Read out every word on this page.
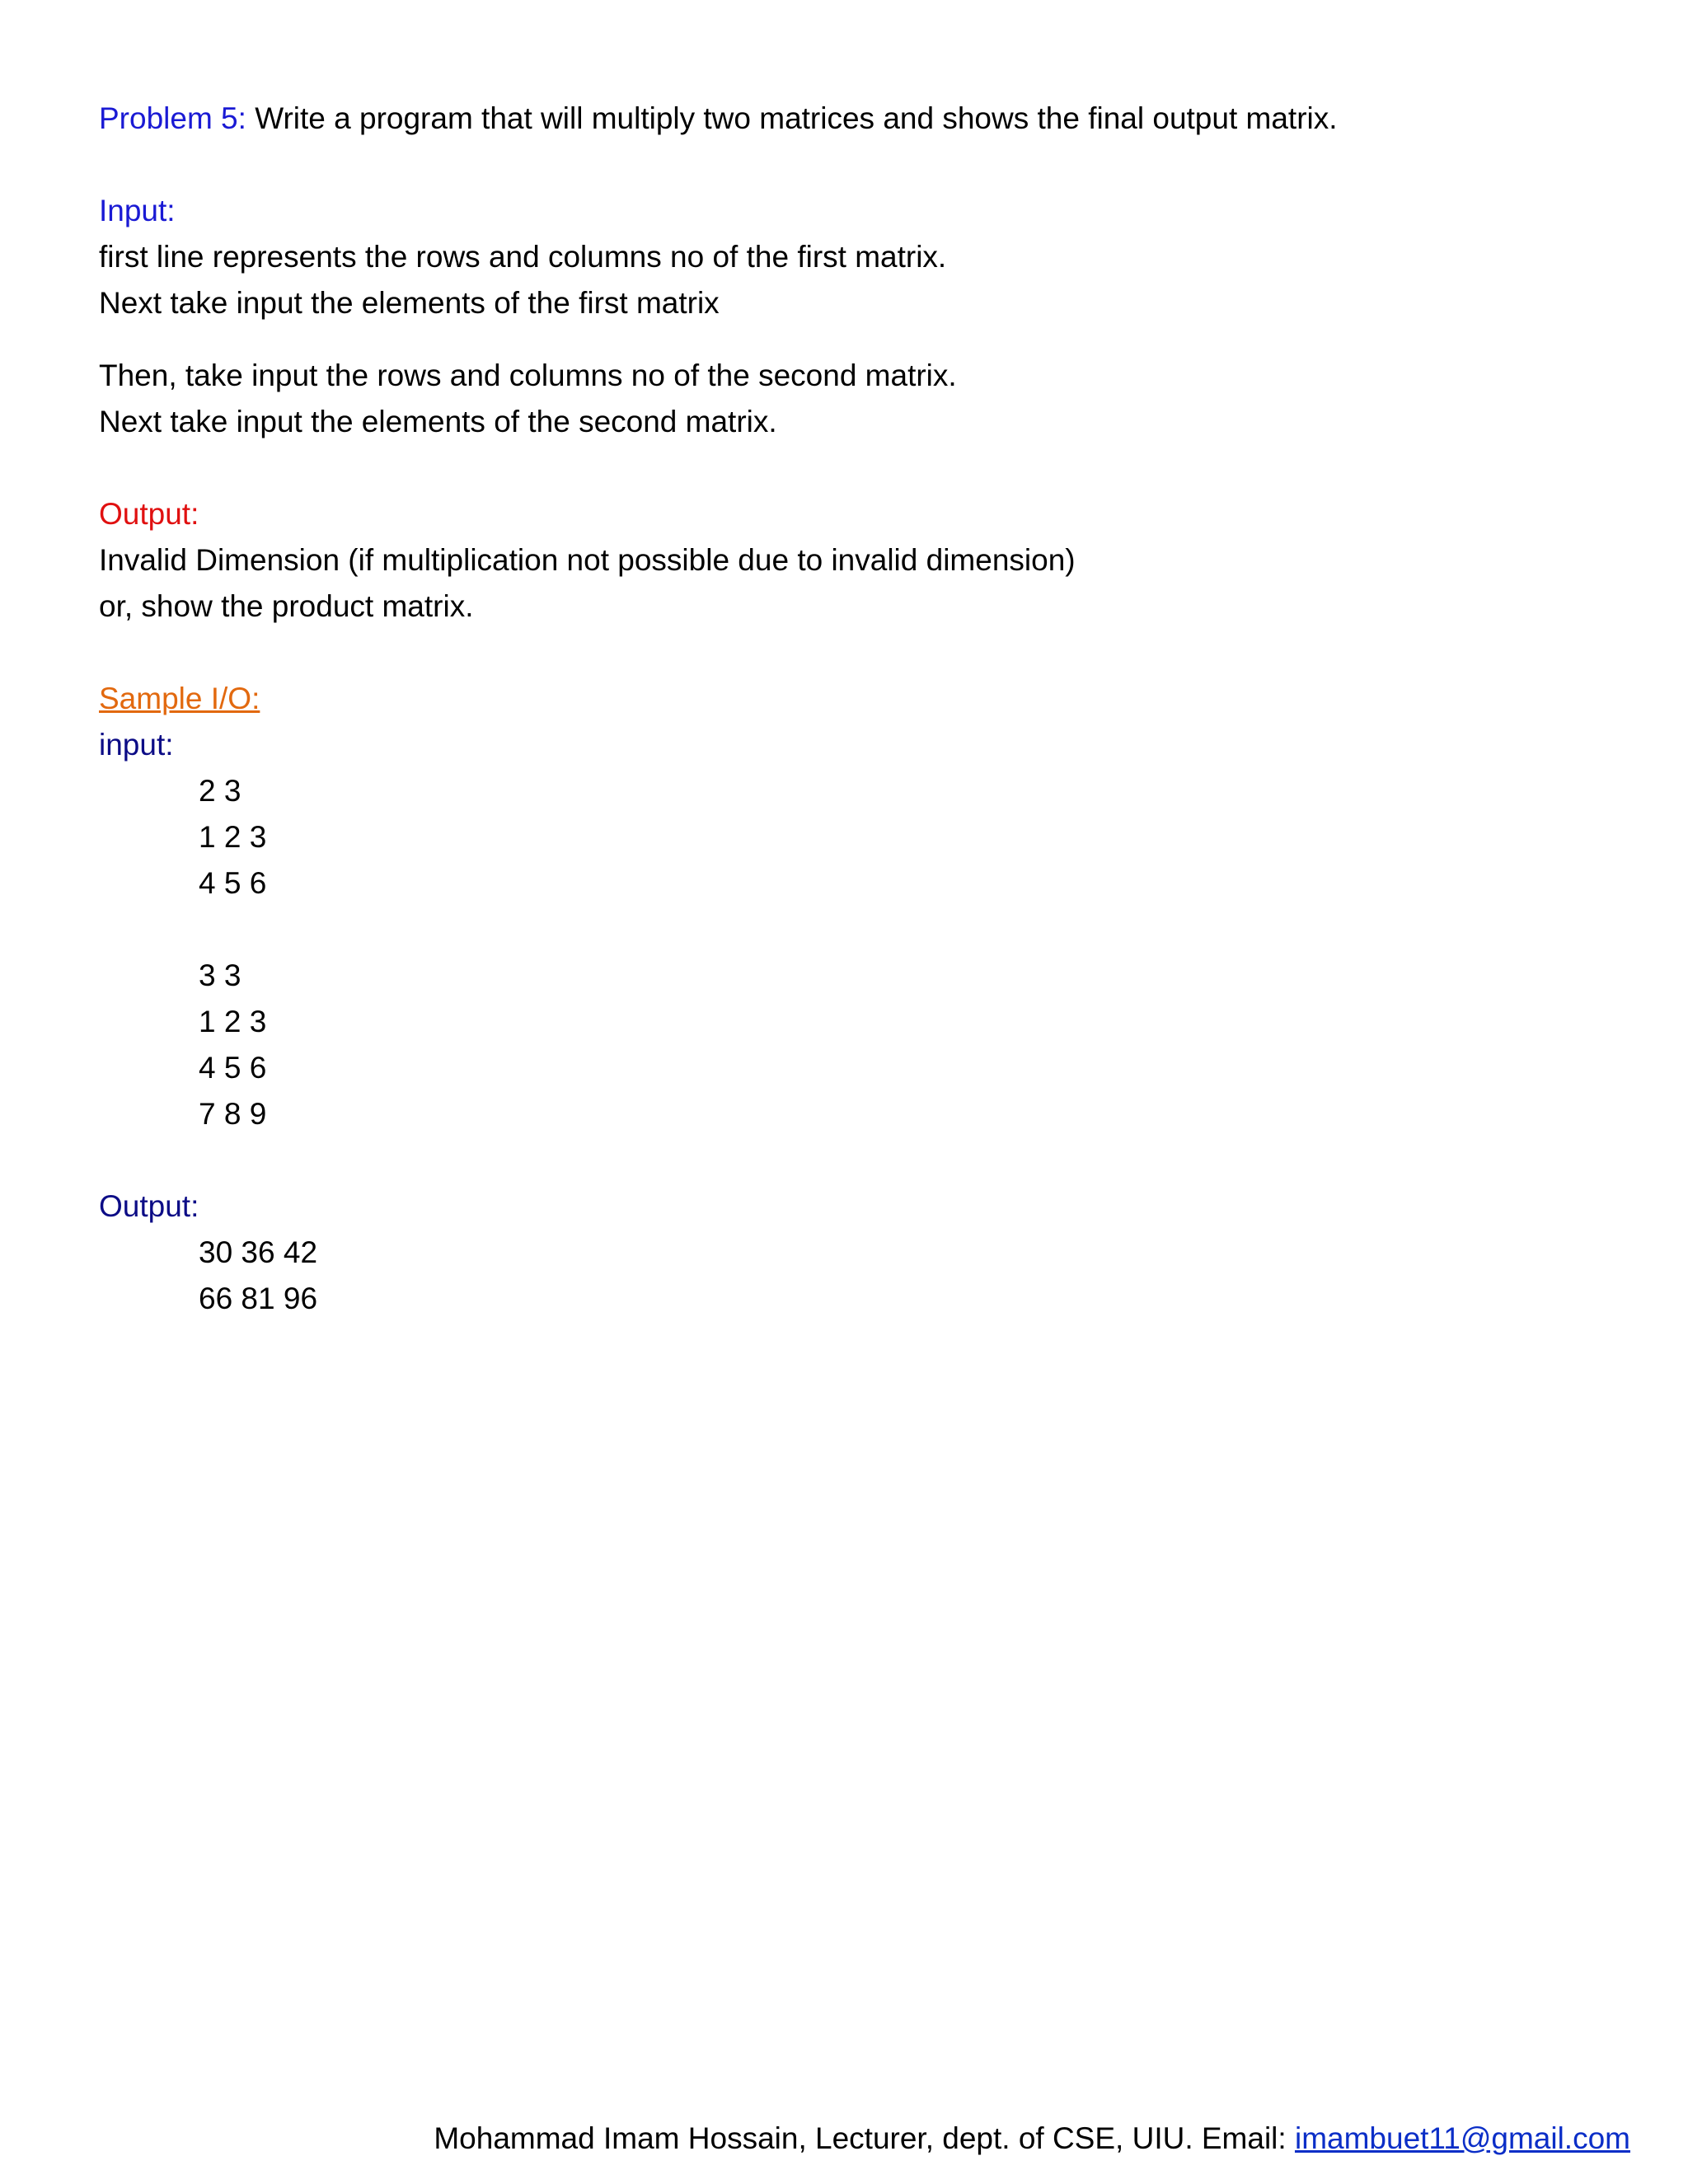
Problem 5: Write a program that will multiply two matrices and shows the final output matrix.
Input:
first line represents the rows and columns no of the first matrix.
Next take input the elements of the first matrix
Then, take input the rows and columns no of the second matrix.
Next take input the elements of the second matrix.
Output:
Invalid Dimension (if multiplication not possible due to invalid dimension)
or, show the product matrix.
Sample I/O:
input:
2 3
1 2 3
4 5 6
3 3
1 2 3
4 5 6
7 8 9
Output:
30 36 42
66 81 96
Mohammad Imam Hossain, Lecturer, dept. of CSE, UIU. Email: imambuet11@gmail.com
